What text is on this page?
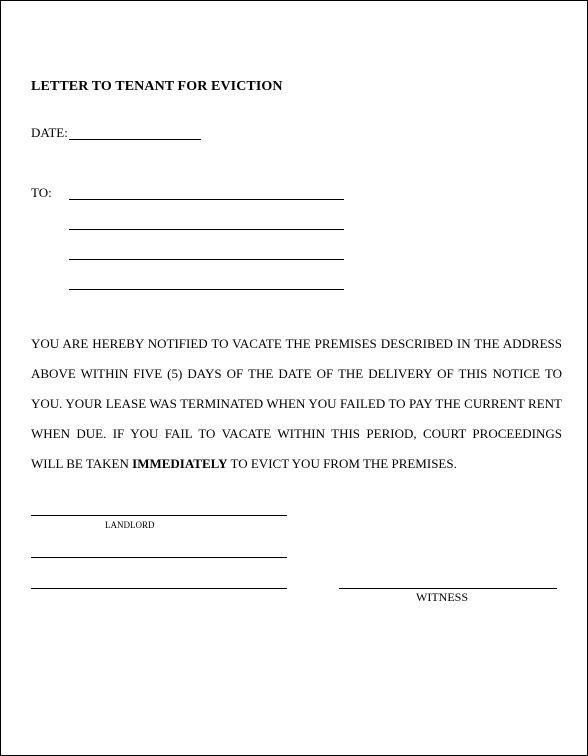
LETTER TO TENANT FOR EVICTION
DATE:
TO:

YOU ARE HEREBY NOTIFIED TO VACATE THE PREMISES DESCRIBED IN THE ADDRESS ABOVE WITHIN FIVE (5) DAYS OF THE DATE OF THE DELIVERY OF THIS NOTICE TO YOU. YOUR LEASE WAS TERMINATED WHEN YOU FAILED TO PAY THE CURRENT RENT WHEN DUE. IF YOU FAIL TO VACATE WITHIN THIS PERIOD, COURT PROCEEDINGS WILL BE TAKEN IMMEDIATELY TO EVICT YOU FROM THE PREMISES.

LANDLORD
WITNESS
